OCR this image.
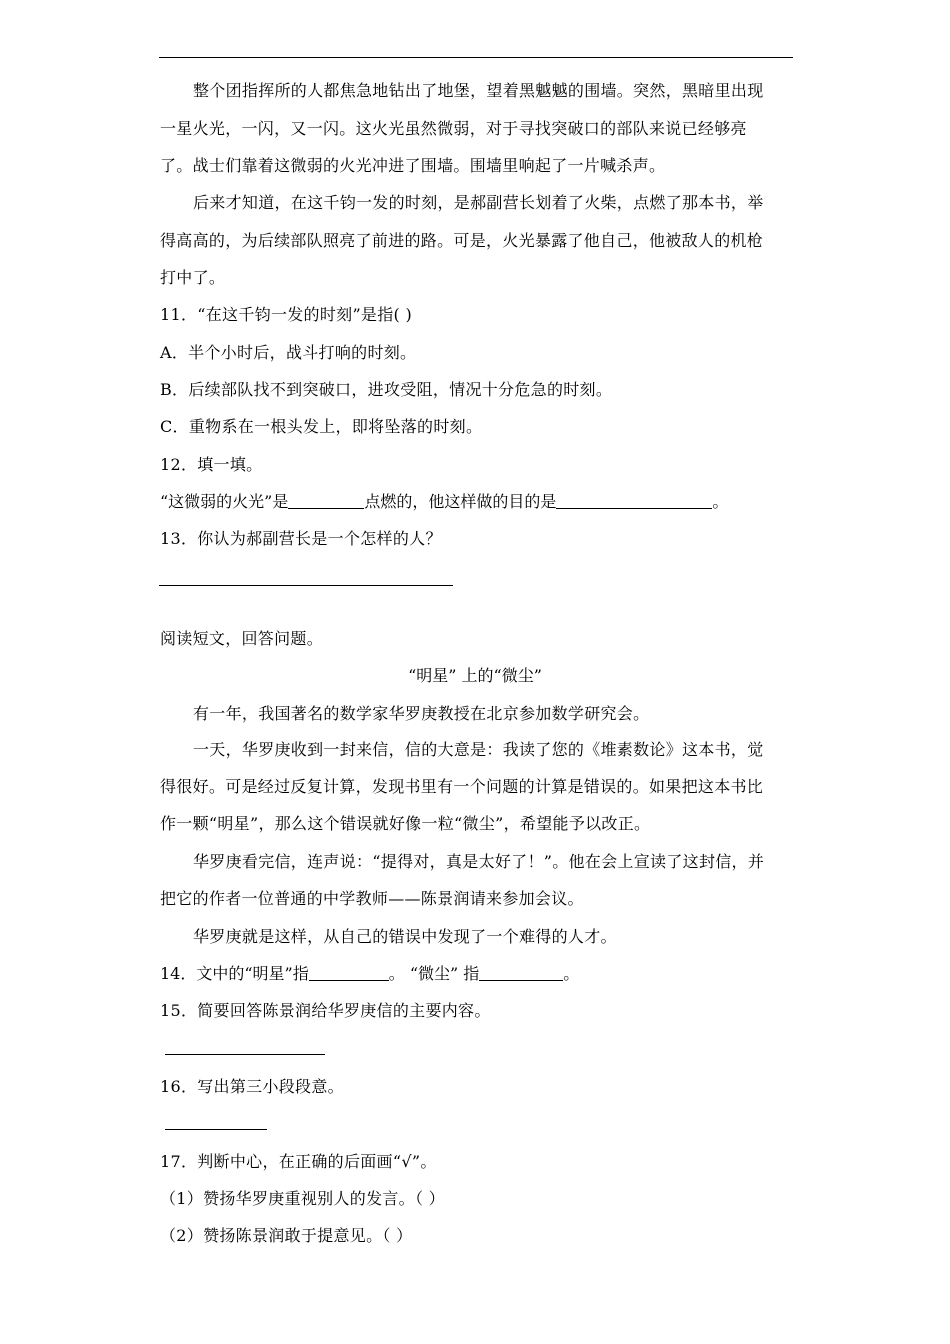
整个团指挥所的人都焦急地钻出了地堡，望着黑魆魆的围墙。突然，黑暗里出现
一星火光，一闪，又一闪。这火光虽然微弱，对于寻找突破口的部队来说已经够亮
了。战士们靠着这微弱的火光冲进了围墙。围墙里响起了一片喊杀声。
后来才知道，在这千钧一发的时刻，是郝副营长划着了火柴，点燃了那本书，举
得高高的，为后续部队照亮了前进的路。可是，火光暴露了他自己，他被敌人的机枪
打中了。
11．“在这千钧一发的时刻”是指( )
A．半个小时后，战斗打响的时刻。
B．后续部队找不到突破口，进攻受阻，情况十分危急的时刻。
C．重物系在一根头发上，即将坠落的时刻。
12．填一填。
“这微弱的火光”是	点燃的，他这样做的目的是	。
13．你认为郝副营长是一个怎样的人？
阅读短文，回答问题。
“明星” 上的“微尘”
有一年，我国著名的数学家华罗庚教授在北京参加数学研究会。
一天，华罗庚收到一封来信，信的大意是：我读了您的《堆素数论》这本书，觉
得很好。可是经过反复计算，发现书里有一个问题的计算是错误的。如果把这本书比
作一颗“明星”，那么这个错误就好像一粒“微尘”，希望能予以改正。
华罗庚看完信，连声说：“提得对，真是太好了！”。他在会上宣读了这封信，并
把它的作者一位普通的中学教师——陈景润请来参加会议。
华罗庚就是这样，从自己的错误中发现了一个难得的人才。
14．文中的“明星”指	。 “微尘” 指	。
15．简要回答陈景润给华罗庚信的主要内容。
16．写出第三小段段意。
17．判断中心，在正确的后面画“√”。
（1）赞扬华罗庚重视别人的发言。（ ）
（2）赞扬陈景润敢于提意见。（ ）
